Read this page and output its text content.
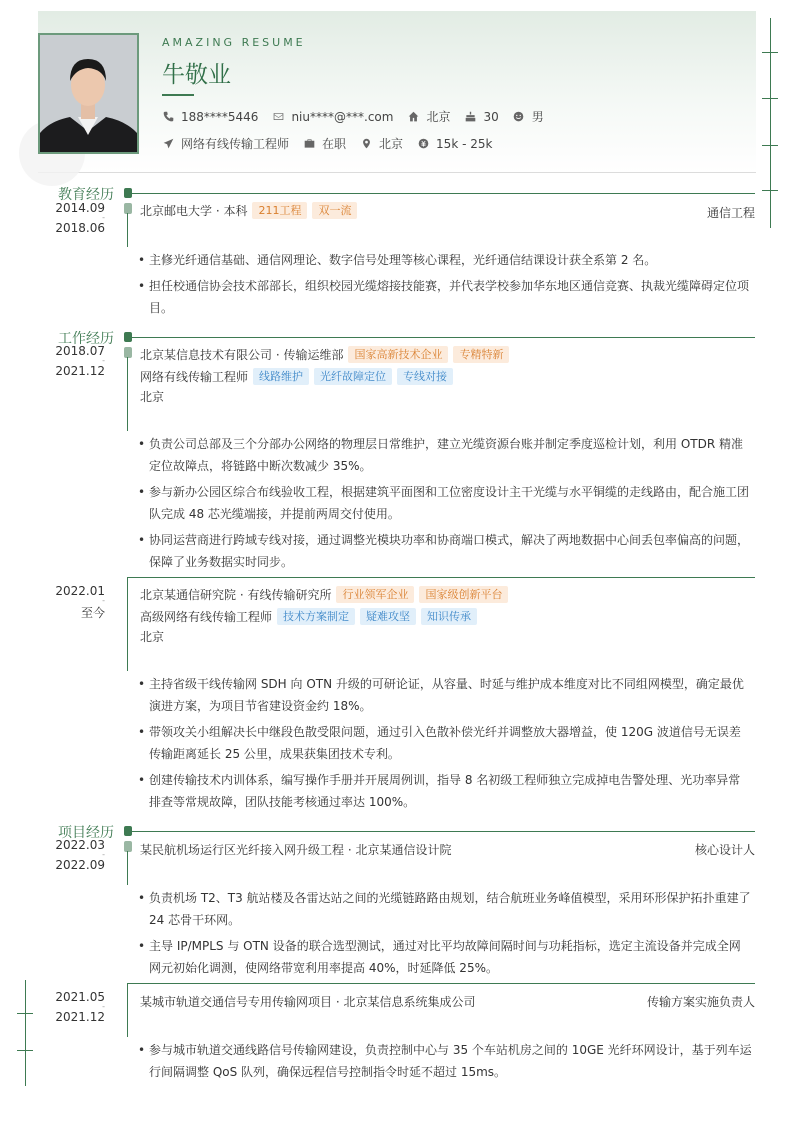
AMAZING RESUME
牛敬业
188****5446	niu****@***.com	北京	30	男
网络有线传输工程师	在职	北京	15k - 25k
教育经历
2014.09
-
2018.06
北京邮电大学 · 本科	211工程	双一流	通信工程
• 主修光纤通信基础、通信网理论、数字信号处理等核心课程，光纤通信结课设计获全系第 2 名。
• 担任校通信协会技术部部长，组织校园光缆熔接技能赛，并代表学校参加华东地区通信竞赛、执裁光缆障碍定位项目。
工作经历
2018.07
-
2021.12
北京某信息技术有限公司 · 传输运维部	国家高新技术企业	专精特新
网络有线传输工程师	线路维护	光纤故障定位	专线对接
北京
• 负责公司总部及三个分部办公网络的物理层日常维护，建立光缆资源台账并制定季度巡检计划，利用 OTDR 精准定位故障点，将链路中断次数减少 35%。
• 参与新办公园区综合布线验收工程，根据建筑平面图和工位密度设计主干光缆与水平铜缆的走线路由，配合施工团队完成 48 芯光缆端接，并提前两周交付使用。
• 协同运营商进行跨域专线对接，通过调整光模块功率和协商端口模式，解决了两地数据中心间丢包率偏高的问题，保障了业务数据实时同步。
2022.01
-
至今
北京某通信研究院 · 有线传输研究所	行业领军企业	国家级创新平台
高级网络有线传输工程师	技术方案制定	疑难攻坚	知识传承
北京
• 主持省级干线传输网 SDH 向 OTN 升级的可研论证，从容量、时延与维护成本维度对比不同组网模型，确定最优演进方案，为项目节省建设资金约 18%。
• 带领攻关小组解决长中继段色散受限问题，通过引入色散补偿光纤并调整放大器增益，使 120G 波道信号无误差传输距离延长 25 公里，成果获集团技术专利。
• 创建传输技术内训体系，编写操作手册并开展周例训，指导 8 名初级工程师独立完成掉电告警处理、光功率异常排查等常规故障，团队技能考核通过率达 100%。
项目经历
2022.03
-
2022.09
某民航机场运行区光纤接入网升级工程 · 北京某通信设计院	核心设计人
• 负责机场 T2、T3 航站楼及各雷达站之间的光缆链路路由规划，结合航班业务峰值模型，采用环形保护拓扑重建了 24 芯骨干环网。
• 主导 IP/MPLS 与 OTN 设备的联合选型测试，通过对比平均故障间隔时间与功耗指标，选定主流设备并完成全网网元初始化调测，使网络带宽利用率提高 40%，时延降低 25%。
2021.05
-
2021.12
某城市轨道交通信号专用传输网项目 · 北京某信息系统集成公司	传输方案实施负责人
• 参与城市轨道交通线路信号传输网建设，负责控制中心与 35 个车站机房之间的 10GE 光纤环网设计，基于列车运行间隔调整 QoS 队列，确保远程信号控制指令时延不超过 15ms。
